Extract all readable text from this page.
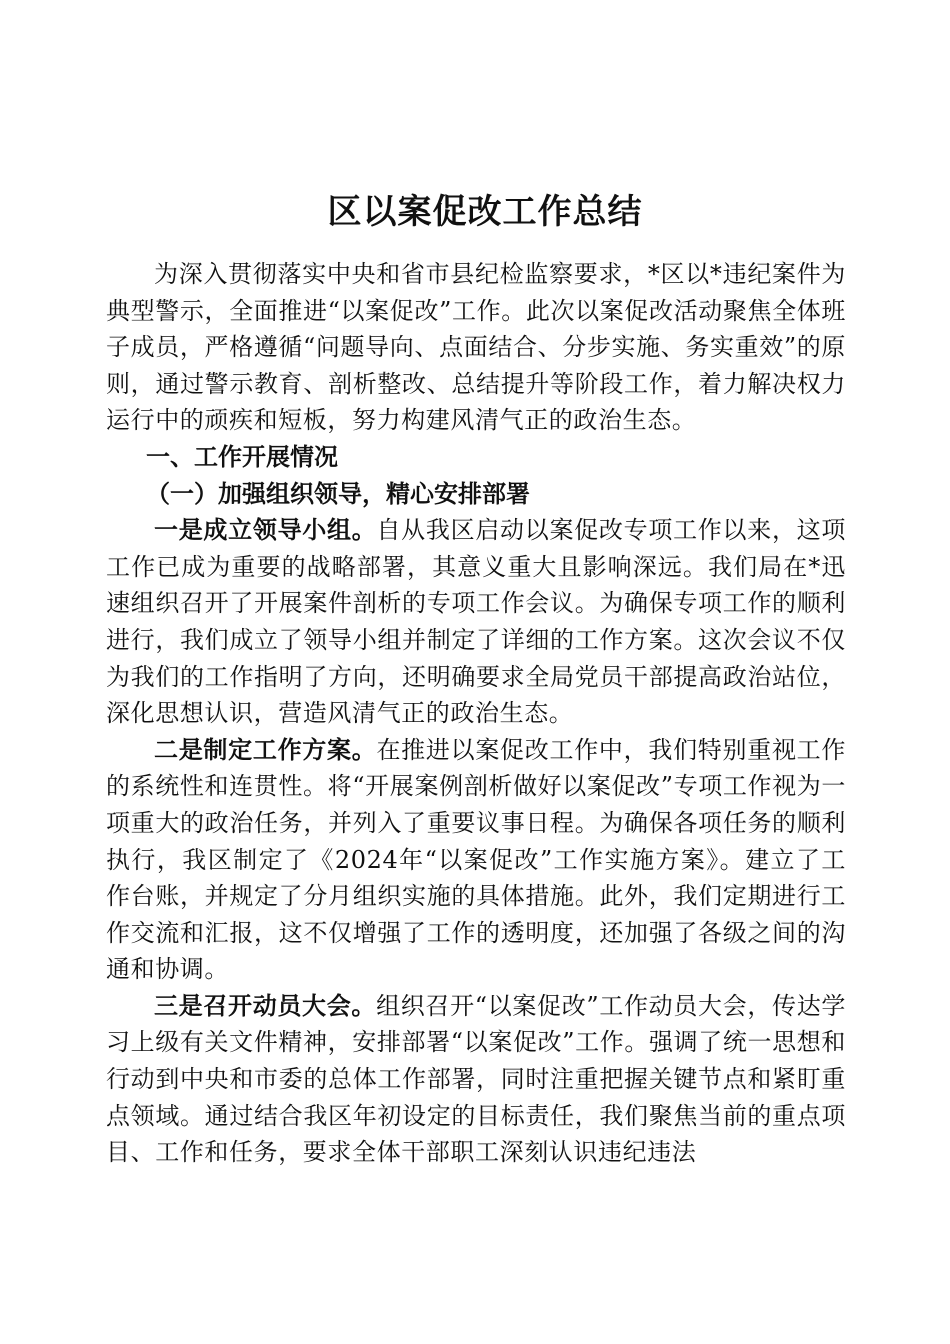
区以案促改工作总结

为深入贯彻落实中央和省市县纪检监察要求，*区以*违纪案件为典型警示，全面推进“以案促改”工作。此次以案促改活动聚焦全体班子成员，严格遵循“问题导向、点面结合、分步实施、务实重效”的原则，通过警示教育、剖析整改、总结提升等阶段工作，着力解决权力运行中的顽疾和短板，努力构建风清气正的政治生态。

一、工作开展情况

（一）加强组织领导，精心安排部署

一是成立领导小组。自从我区启动以案促改专项工作以来，这项工作已成为重要的战略部署，其意义重大且影响深远。我们局在*迅速组织召开了开展案件剖析的专项工作会议。为确保专项工作的顺利进行，我们成立了领导小组并制定了详细的工作方案。这次会议不仅为我们的工作指明了方向，还明确要求全局党员干部提高政治站位，深化思想认识，营造风清气正的政治生态。

二是制定工作方案。在推进以案促改工作中，我们特别重视工作的系统性和连贯性。将“开展案例剖析做好以案促改”专项工作视为一项重大的政治任务，并列入了重要议事日程。为确保各项任务的顺利执行，我区制定了《2024年“以案促改”工作实施方案》。建立了工作台账，并规定了分月组织实施的具体措施。此外，我们定期进行工作交流和汇报，这不仅增强了工作的透明度，还加强了各级之间的沟通和协调。

三是召开动员大会。组织召开“以案促改”工作动员大会，传达学习上级有关文件精神，安排部署“以案促改”工作。强调了统一思想和行动到中央和市委的总体工作部署，同时注重把握关键节点和紧盯重点领域。通过结合我区年初设定的目标责任，我们聚焦当前的重点项目、工作和任务，要求全体干部职工深刻认识违纪违法
